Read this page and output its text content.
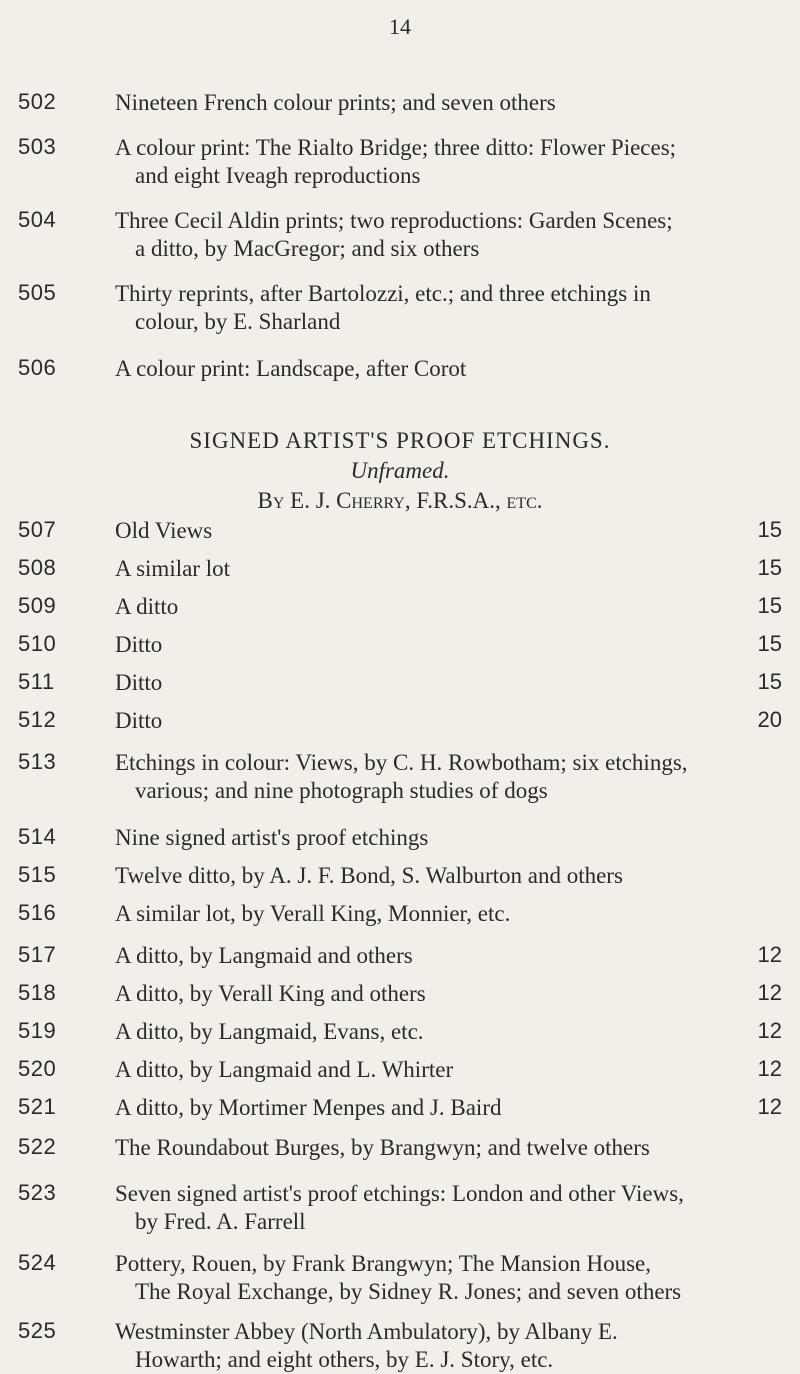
14
SIGNED ARTIST'S PROOF ETCHINGS.
Unframed.
By E. J. Cherry, F.R.S.A., etc.
502	Nineteen French colour prints; and seven others
503	A colour print: The Rialto Bridge; three ditto: Flower Pieces;
and eight Iveagh reproductions
504	Three Cecil Aldin prints; two reproductions: Garden Scenes;
a ditto, by MacGregor; and six others
505	Thirty reprints, after Bartolozzi, etc.; and three etchings in
colour, by E. Sharland
506	A colour print: Landscape, after Corot
507	Old Views	15
508	A similar lot	15
509	A ditto	15
510	Ditto	15
511	Ditto	15
512	Ditto	20
513	Etchings in colour: Views, by C. H. Rowbotham; six etchings,
various; and nine photograph studies of dogs
514	Nine signed artist's proof etchings
515	Twelve ditto, by A. J. F. Bond, S. Walburton and others
516	A similar lot, by Verall King, Monnier, etc.
517	A ditto, by Langmaid and others	12
518	A ditto, by Verall King and others	12
519	A ditto, by Langmaid, Evans, etc.	12
520	A ditto, by Langmaid and L. Whirter	12
521	A ditto, by Mortimer Menpes and J. Baird	12
522	The Roundabout Burges, by Brangwyn; and twelve others
523	Seven signed artist's proof etchings: London and other Views,
by Fred. A. Farrell
524	Pottery, Rouen, by Frank Brangwyn; The Mansion House,
The Royal Exchange, by Sidney R. Jones; and seven others
525	Westminster Abbey (North Ambulatory), by Albany E.
Howarth; and eight others, by E. J. Story, etc.
